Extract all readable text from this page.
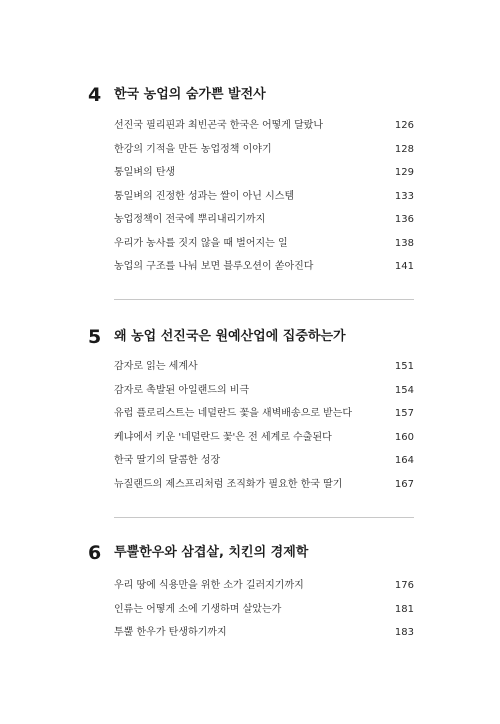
4 한국 농업의 숨가쁜 발전사
선진국 필리핀과 최빈곤국 한국은 어떻게 달랐나	126
한강의 기적을 만든 농업정책 이야기	128
통일벼의 탄생	129
통일벼의 진정한 성과는 쌀이 아닌 시스템	133
농업정책이 전국에 뿌리내리기까지	136
우리가 농사를 짓지 않을 때 벌어지는 일	138
농업의 구조를 나눠 보면 블루오션이 쏟아진다	141
5 왜 농업 선진국은 원예산업에 집중하는가
감자로 읽는 세계사	151
감자로 촉발된 아일랜드의 비극	154
유럽 플로리스트는 네덜란드 꽃을 새벽배송으로 받는다	157
케냐에서 키운 '네덜란드 꽃'은 전 세계로 수출된다	160
한국 딸기의 달콤한 성장	164
뉴질랜드의 제스프리처럼 조직화가 필요한 한국 딸기	167
6 투뿔한우와 삼겹살, 치킨의 경제학
우리 땅에 식용만을 위한 소가 길러지기까지	176
인류는 어떻게 소에 기생하며 살았는가	181
투뿔 한우가 탄생하기까지	183
